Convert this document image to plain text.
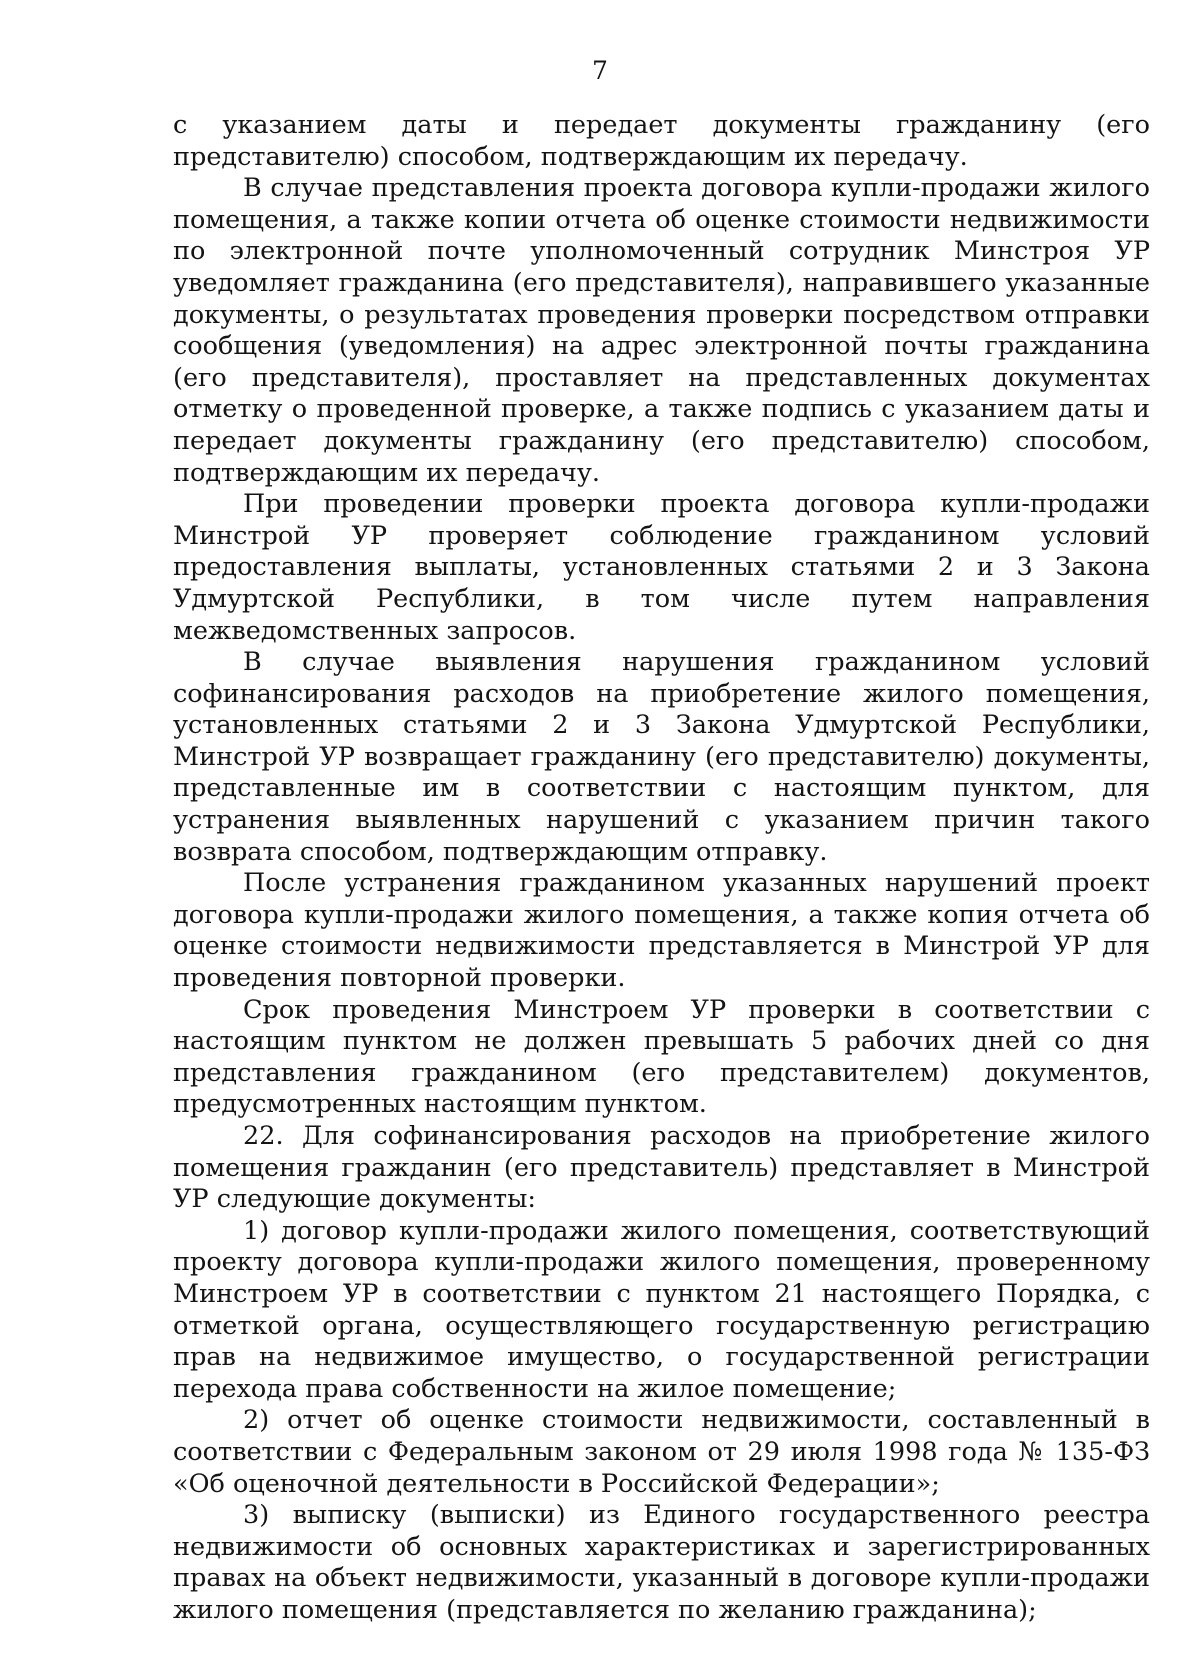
7

с указанием даты и передает документы гражданину (его представителю) способом, подтверждающим их передачу.

В случае представления проекта договора купли-продажи жилого помещения, а также копии отчета об оценке стоимости недвижимости по электронной почте уполномоченный сотрудник Минстроя УР уведомляет гражданина (его представителя), направившего указанные документы, о результатах проведения проверки посредством отправки сообщения (уведомления) на адрес электронной почты гражданина (его представителя), проставляет на представленных документах отметку о проведенной проверке, а также подпись с указанием даты и передает документы гражданину (его представителю) способом, подтверждающим их передачу.

При проведении проверки проекта договора купли-продажи Минстрой УР проверяет соблюдение гражданином условий предоставления выплаты, установленных статьями 2 и 3 Закона Удмуртской Республики, в том числе путем направления межведомственных запросов.

В случае выявления нарушения гражданином условий софинансирования расходов на приобретение жилого помещения, установленных статьями 2 и 3 Закона Удмуртской Республики, Минстрой УР возвращает гражданину (его представителю) документы, представленные им в соответствии с настоящим пунктом, для устранения выявленных нарушений с указанием причин такого возврата способом, подтверждающим отправку.

После устранения гражданином указанных нарушений проект договора купли-продажи жилого помещения, а также копия отчета об оценке стоимости недвижимости представляется в Минстрой УР для проведения повторной проверки.

Срок проведения Минстроем УР проверки в соответствии с настоящим пунктом не должен превышать 5 рабочих дней со дня представления гражданином (его представителем) документов, предусмотренных настоящим пунктом.

22. Для софинансирования расходов на приобретение жилого помещения гражданин (его представитель) представляет в Минстрой УР следующие документы:

1) договор купли-продажи жилого помещения, соответствующий проекту договора купли-продажи жилого помещения, проверенному Минстроем УР в соответствии с пунктом 21 настоящего Порядка, с отметкой органа, осуществляющего государственную регистрацию прав на недвижимое имущество, о государственной регистрации перехода права собственности на жилое помещение;

2) отчет об оценке стоимости недвижимости, составленный в соответствии с Федеральным законом от 29 июля 1998 года № 135-ФЗ «Об оценочной деятельности в Российской Федерации»;

3) выписку (выписки) из Единого государственного реестра недвижимости об основных характеристиках и зарегистрированных правах на объект недвижимости, указанный в договоре купли-продажи жилого помещения (представляется по желанию гражданина);
